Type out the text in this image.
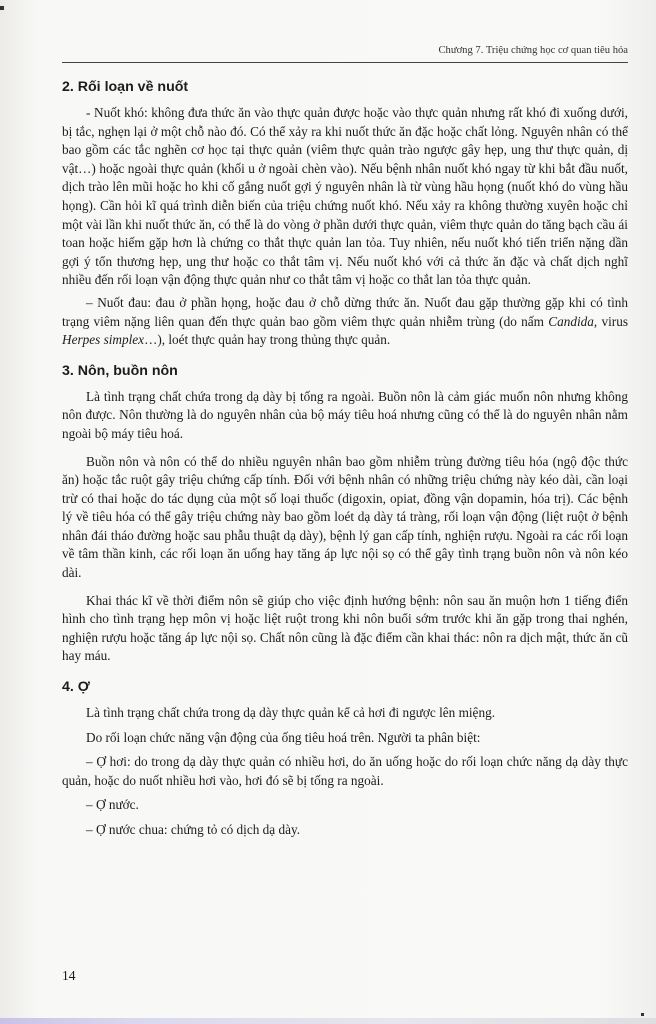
Chương 7. Triệu chứng học cơ quan tiêu hóa
2. Rối loạn về nuốt

- Nuốt khó: không đưa thức ăn vào thực quản được hoặc vào thực quản nhưng rất khó đi xuống dưới, bị tắc, nghẹn lại ở một chỗ nào đó. Có thể xảy ra khi nuốt thức ăn đặc hoặc chất lỏng. Nguyên nhân có thể bao gồm các tắc nghẽn cơ học tại thực quản (viêm thực quản trào ngược gây hẹp, ung thư thực quản, dị vật…) hoặc ngoài thực quản (khối u ở ngoài chèn vào). Nếu bệnh nhân nuốt khó ngay từ khi bắt đầu nuốt, dịch trào lên mũi hoặc ho khi cố gắng nuốt gợi ý nguyên nhân là từ vùng hầu họng (nuốt khó do vùng hầu họng). Cần hỏi kĩ quá trình diễn biến của triệu chứng nuốt khó. Nếu xảy ra không thường xuyên hoặc chỉ một vài lần khi nuốt thức ăn, có thể là do vòng ở phần dưới thực quản, viêm thực quản do tăng bạch cầu ái toan hoặc hiếm gặp hơn là chứng co thắt thực quản lan tỏa. Tuy nhiên, nếu nuốt khó tiến triển nặng dần gợi ý tổn thương hẹp, ung thư hoặc co thắt tâm vị. Nếu nuốt khó với cả thức ăn đặc và chất dịch nghĩ nhiều đến rối loạn vận động thực quản như co thắt tâm vị hoặc co thắt lan tỏa thực quản.

– Nuốt đau: đau ở phần họng, hoặc đau ở chỗ dừng thức ăn. Nuốt đau gặp thường gặp khi có tình trạng viêm nặng liên quan đến thực quản bao gồm viêm thực quản nhiễm trùng (do nấm Candida, virus Herpes simplex…), loét thực quản hay trong thủng thực quản.

3. Nôn, buồn nôn

Là tình trạng chất chứa trong dạ dày bị tống ra ngoài. Buồn nôn là cảm giác muốn nôn nhưng không nôn được. Nôn thường là do nguyên nhân của bộ máy tiêu hoá nhưng cũng có thể là do nguyên nhân nằm ngoài bộ máy tiêu hoá.

Buồn nôn và nôn có thể do nhiều nguyên nhân bao gồm nhiễm trùng đường tiêu hóa (ngộ độc thức ăn) hoặc tắc ruột gây triệu chứng cấp tính. Đối với bệnh nhân có những triệu chứng này kéo dài, cần loại trừ có thai hoặc do tác dụng của một số loại thuốc (digoxin, opiat, đồng vận dopamin, hóa trị). Các bệnh lý về tiêu hóa có thể gây triệu chứng này bao gồm loét dạ dày tá tràng, rối loạn vận động (liệt ruột ở bệnh nhân đái tháo đường hoặc sau phẫu thuật dạ dày), bệnh lý gan cấp tính, nghiện rượu. Ngoài ra các rối loạn về tâm thần kinh, các rối loạn ăn uống hay tăng áp lực nội sọ có thể gây tình trạng buồn nôn và nôn kéo dài.

Khai thác kĩ về thời điểm nôn sẽ giúp cho việc định hướng bệnh: nôn sau ăn muộn hơn 1 tiếng điển hình cho tình trạng hẹp môn vị hoặc liệt ruột trong khi nôn buổi sớm trước khi ăn gặp trong thai nghén, nghiện rượu hoặc tăng áp lực nội sọ. Chất nôn cũng là đặc điểm cần khai thác: nôn ra dịch mật, thức ăn cũ hay máu.

4. Ợ

Là tình trạng chất chứa trong dạ dày thực quản kể cả hơi đi ngược lên miệng.

Do rối loạn chức năng vận động của ống tiêu hoá trên. Người ta phân biệt:

– Ợ hơi: do trong dạ dày thực quản có nhiều hơi, do ăn uống hoặc do rối loạn chức năng dạ dày thực quản, hoặc do nuốt nhiều hơi vào, hơi đó sẽ bị tống ra ngoài.

– Ợ nước.

– Ợ nước chua: chứng tỏ có dịch dạ dày.

14
